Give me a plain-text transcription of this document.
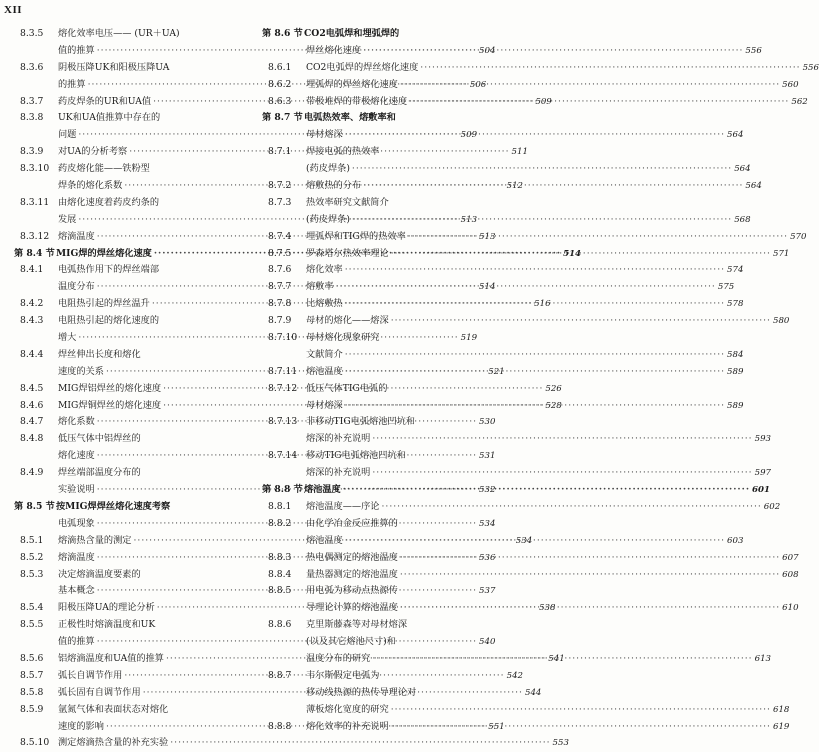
XII
8.3.5	熔化效率电压—— (UR＋UA)
值的推算 ·····	504
8.3.6	阴极压降UK和阳极压降UA
的推算 ·····	506
8.3.7	药皮焊条的UR和UA值 ·····	509
8.3.8	UK和UA值推算中存在的
问题 ·····	509
8.3.9	对UA的分析考察 ·····	511
8.3.10 药皮熔化能——铁粉型
焊条的熔化系数 ·····	512
8.3.11 由熔化速度着药皮约条的
发展 ·····	513
8.3.12 熔滴温度 ·····	513
第 8.4 节 MIG焊的焊丝熔化速度 ·····	514
8.4.1	电弧热作用下的焊丝端部
温度分布 ·····	514
8.4.2	电阻热引起的焊丝温升 ·····	516
8.4.3	电阻热引起的熔化速度的
增大 ·····	519
8.4.4	焊丝伸出长度和熔化
速度的关系 ·····	521
8.4.5	MIG焊铝焊丝的熔化速度 ·····	526
8.4.6	MIG焊铜焊丝的熔化速度 ·····	528
8.4.7	熔化系数 ·····	530
8.4.8	低压气体中铝焊丝的
熔化速度 ·····	531
8.4.9	焊丝端部温度分布的
实验说明 ·····	532
第 8.5 节 按MIG焊焊丝熔化速度考察
电弧现象 ·····	534
8.5.1	熔滴热含量的测定 ·····	534
8.5.2	熔滴温度 ·····	536
8.5.3	决定熔滴温度要素的
基本概念 ·····	537
8.5.4	阳极压降UA的理论分析 ·····	538
8.5.5	正极性时熔滴温度和UK
值的推算 ·····	540
8.5.6	铝熔滴温度和UA值的推算 ·····	541
8.5.7	弧长自调节作用 ·····	542
8.5.8	弧长固有自调节作用 ·····	544
8.5.9	氩氮气体和表面状态对熔化
速度的影响 ·····	551
8.5.10 测定熔滴热含量的补充实验 ·····	553
第 8.6 节 CO2电弧焊和埋弧焊的
焊丝熔化速度 ·····	556
8.6.1	CO2电弧焊的焊丝熔化速度 ·····	556
8.6.2	埋弧焊的焊丝熔化速度 ·····	560
8.6.3	带极堆焊的带极熔化速度 ·····	562
第 8.7 节 电弧热效率、熔敷率和
母材熔深 ·····	564
8.7.1	焊接电弧的热效率
(药皮焊条) ·····	564
8.7.2	熔敷热的分布 ·····	564
8.7.3	热效率研究文献简介
(药皮焊条) ·····	568
8.7.4	埋弧焊和TIG焊的热效率 ·····	570
8.7.5	罗森塔尔热效率理论 ·····	571
8.7.6	熔化效率 ·····	574
8.7.7	熔敷率 ·····	575
8.7.8	比熔敷热 ·····	578
8.7.9	母材的熔化——熔深 ·····	580
8.7.10 母材熔化现象研究
文献简介 ·····	584
8.7.11 熔池温度 ·····	589
8.7.12 低压气体TIG电弧的
母材熔深 ·····	589
8.7.13 非移动TIG电弧熔池凹坑和
熔深的补充说明 ·····	593
8.7.14 移动TIG电弧熔池凹坑和
熔深的补充说明 ·····	597
第 8.8 节 熔池温度 ·····	601
8.8.1	熔池温度——序论 ·····	602
8.8.2	由化学冶金反应推算的
熔池温度 ·····	603
8.8.3	热电偶测定的熔池温度 ·····	607
8.8.4	量热器测定的熔池温度 ·····	608
8.8.5	用电弧为移动点热源传
导理论计算的熔池温度 ·····	610
8.8.6	克里斯藤森等对母材熔深
(以及其它熔池尺寸)和
温度分布的研究 ·····	613
8.8.7	韦尔斯假定电弧为
移动线热源的热传导理论对
薄板熔化宽度的研究 ·····	618
8.8.8	熔化效率的补充说明 ·····	619
